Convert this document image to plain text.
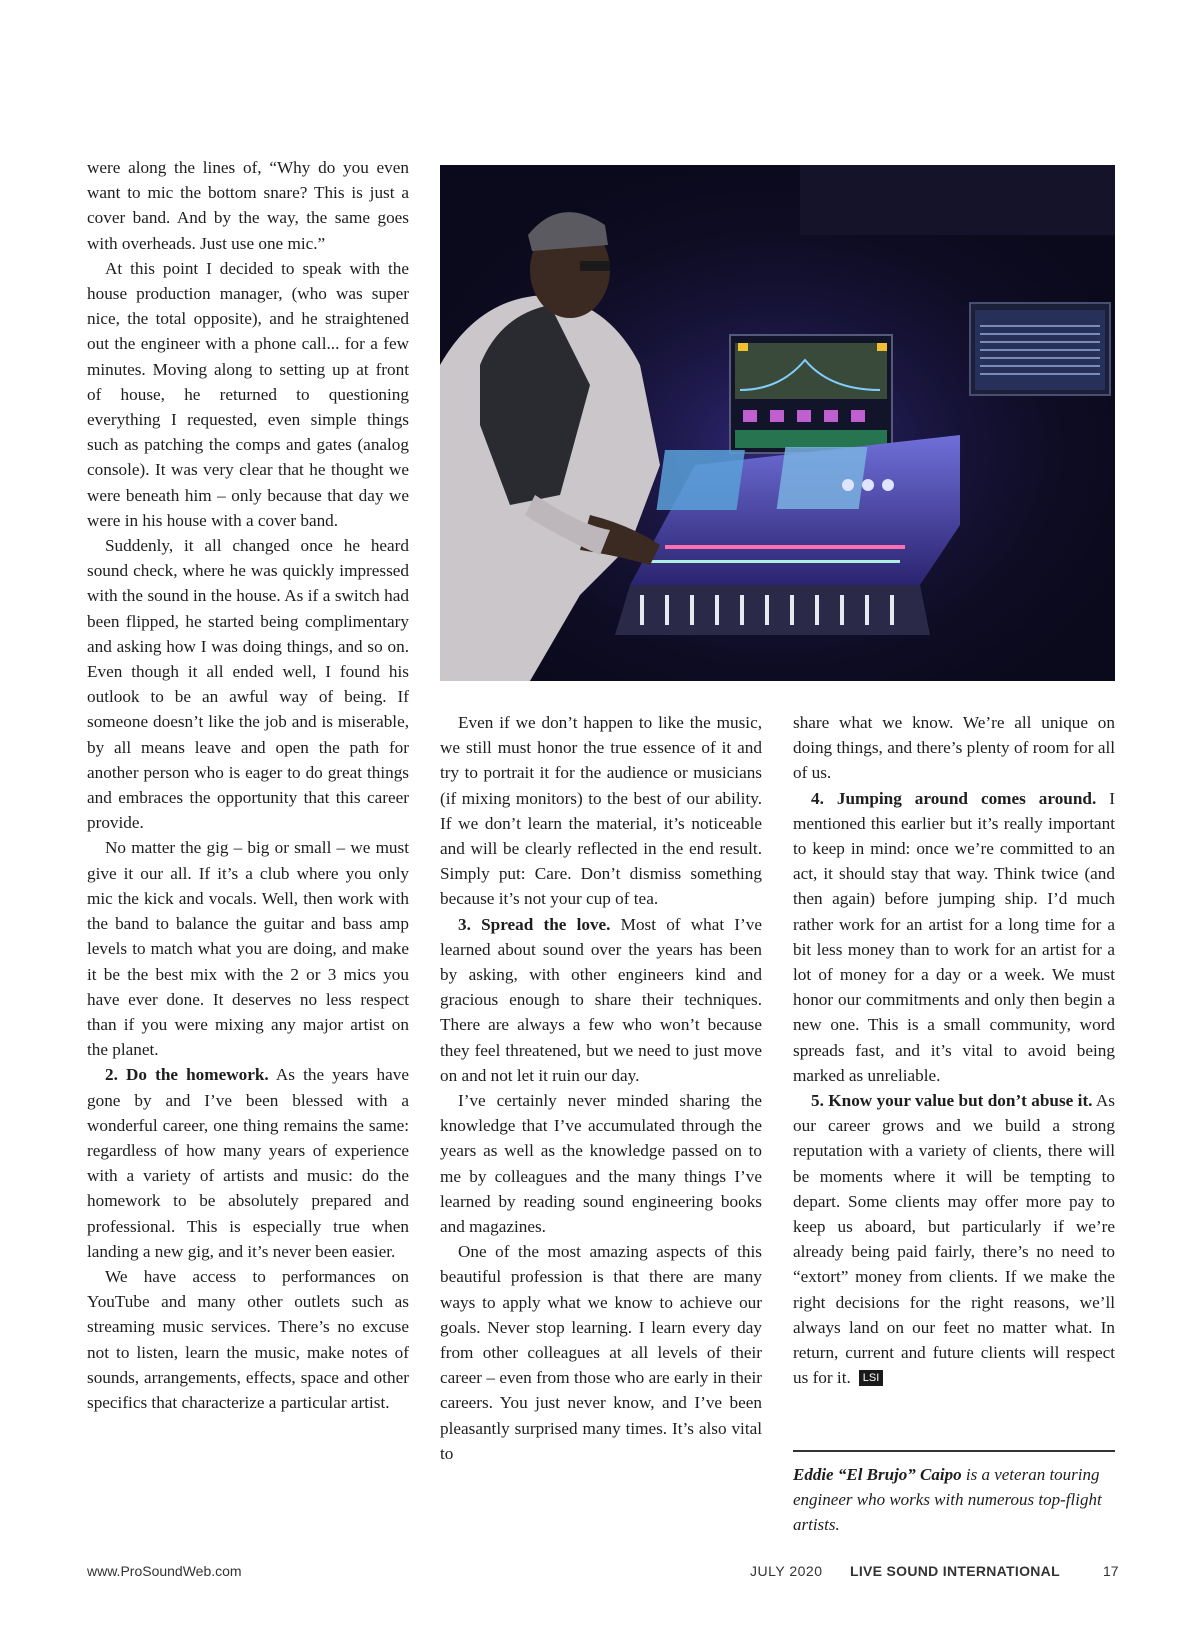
were along the lines of, “Why do you even want to mic the bottom snare? This is just a cover band. And by the way, the same goes with overheads. Just use one mic.”

At this point I decided to speak with the house production manager, (who was super nice, the total opposite), and he straightened out the engineer with a phone call... for a few minutes. Moving along to setting up at front of house, he returned to questioning everything I requested, even simple things such as patching the comps and gates (analog console). It was very clear that he thought we were beneath him – only because that day we were in his house with a cover band.

Suddenly, it all changed once he heard sound check, where he was quickly impressed with the sound in the house. As if a switch had been flipped, he started being complimentary and asking how I was doing things, and so on. Even though it all ended well, I found his outlook to be an awful way of being. If someone doesn’t like the job and is miserable, by all means leave and open the path for another person who is eager to do great things and embraces the opportunity that this career provide.

No matter the gig – big or small – we must give it our all. If it’s a club where you only mic the kick and vocals. Well, then work with the band to balance the guitar and bass amp levels to match what you are doing, and make it be the best mix with the 2 or 3 mics you have ever done. It deserves no less respect than if you were mixing any major artist on the planet.

2. Do the homework. As the years have gone by and I’ve been blessed with a wonderful career, one thing remains the same: regardless of how many years of experience with a variety of artists and music: do the homework to be absolutely prepared and professional. This is especially true when landing a new gig, and it’s never been easier.

We have access to performances on YouTube and many other outlets such as streaming music services. There’s no excuse not to listen, learn the music, make notes of sounds, arrangements, effects, space and other specifics that characterize a particular artist.

Even if we don’t happen to like the music, we still must honor the true essence of it and try to portrait it for the audience or musicians (if mixing monitors) to the best of our ability. If we don’t learn the material, it’s noticeable and will be clearly reflected in the end result. Simply put: Care. Don’t dismiss something because it’s not your cup of tea.

3. Spread the love. Most of what I’ve learned about sound over the years has been by asking, with other engineers kind and gracious enough to share their techniques. There are always a few who won’t because they feel threatened, but we need to just move on and not let it ruin our day.

I’ve certainly never minded sharing the knowledge that I’ve accumulated through the years as well as the knowledge passed on to me by colleagues and the many things I’ve learned by reading sound engineering books and magazines.

One of the most amazing aspects of this beautiful profession is that there are many ways to apply what we know to achieve our goals. Never stop learning. I learn every day from other colleagues at all levels of their career – even from those who are early in their careers. You just never know, and I’ve been pleasantly surprised many times. It’s also vital to

share what we know. We’re all unique on doing things, and there’s plenty of room for all of us.

4. Jumping around comes around. I mentioned this earlier but it’s really important to keep in mind: once we’re committed to an act, it should stay that way. Think twice (and then again) before jumping ship. I’d much rather work for an artist for a long time for a bit less money than to work for an artist for a lot of money for a day or a week. We must honor our commitments and only then begin a new one. This is a small community, word spreads fast, and it’s vital to avoid being marked as unreliable.

5. Know your value but don’t abuse it. As our career grows and we build a strong reputation with a variety of clients, there will be moments where it will be tempting to depart. Some clients may offer more pay to keep us aboard, but particularly if we’re already being paid fairly, there’s no need to “extort” money from clients. If we make the right decisions for the right reasons, we’ll always land on our feet no matter what. In return, current and future clients will respect us for it. LSI

Eddie “El Brujo” Caipo is a veteran touring engineer who works with numerous top-flight artists.
www.ProSoundWeb.com	JULY 2020 LIVE SOUND INTERNATIONAL	17
